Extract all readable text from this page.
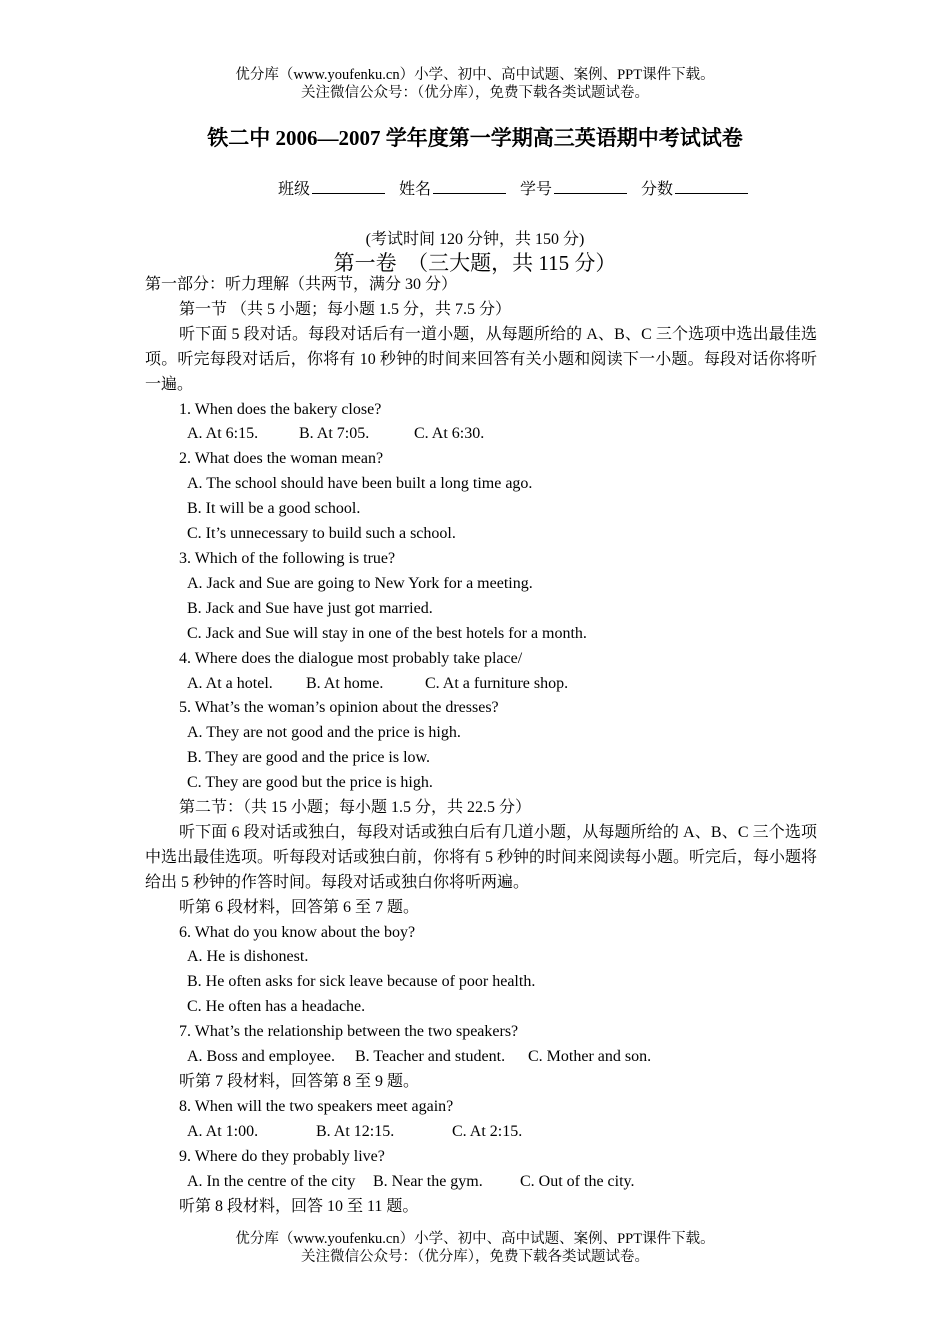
优分库（www.youfenku.cn）小学、初中、高中试题、案例、PPT课件下载。
关注微信公众号：（优分库），免费下载各类试题试卷。
铁二中 2006—2007 学年度第一学期高三英语期中考试试卷
班级	姓名	学号	分数
(考试时间 120 分钟，共 150 分)
第一卷　（三大题，共 115 分）

第一部分：听力理解（共两节，满分 30 分）

第一节 （共 5 小题；每小题 1.5 分，共 7.5 分）

听下面 5 段对话。每段对话后有一道小题，从每题所给的 A、B、C 三个选项中选出最佳选项。听完每段对话后，你将有 10 秒钟的时间来回答有关小题和阅读下一小题。每段对话你将听一遍。

1. When does the bakery close?

A. At 6:15.	B. At 7:05.	C. At 6:30.

2. What does the woman mean?

A. The school should have been built a long time ago.

B. It will be a good school.

C. It’s unnecessary to build such a school.

3. Which of the following is true?

A. Jack and Sue are going to New York for a meeting.

B. Jack and Sue have just got married.

C. Jack and Sue will stay in one of the best hotels for a month.

4. Where does the dialogue most probably take place/

A. At a hotel. B. At home.	C. At a furniture shop.

5. What’s the woman’s opinion about the dresses?

A. They are not good and the price is high.

B. They are good and the price is low.

C. They are good but the price is high.

第二节：（共 15 小题；每小题 1.5 分，共 22.5 分）

听下面 6 段对话或独白，每段对话或独白后有几道小题，从每题所给的 A、B、C 三个选项中选出最佳选项。听每段对话或独白前，你将有 5 秒钟的时间来阅读每小题。听完后，每小题将给出 5 秒钟的作答时间。每段对话或独白你将听两遍。

听第 6 段材料，回答第 6 至 7 题。

6. What do you know about the boy?

A. He is dishonest.

B. He often asks for sick leave because of poor health.

C. He often has a headache.

7. What’s the relationship between the two speakers?

A. Boss and employee. B. Teacher and student. C. Mother and son.

听第 7 段材料，回答第 8 至 9 题。

8. When will the two speakers meet again?

A. At 1:00.	B. At 12:15.	C. At 2:15.

9. Where do they probably live?

A. In the centre of the city B. Near the gym. C. Out of the city.

听第 8 段材料，回答 10 至 11 题。

优分库（www.youfenku.cn）小学、初中、高中试题、案例、PPT课件下载。
关注微信公众号：（优分库），免费下载各类试题试卷。
